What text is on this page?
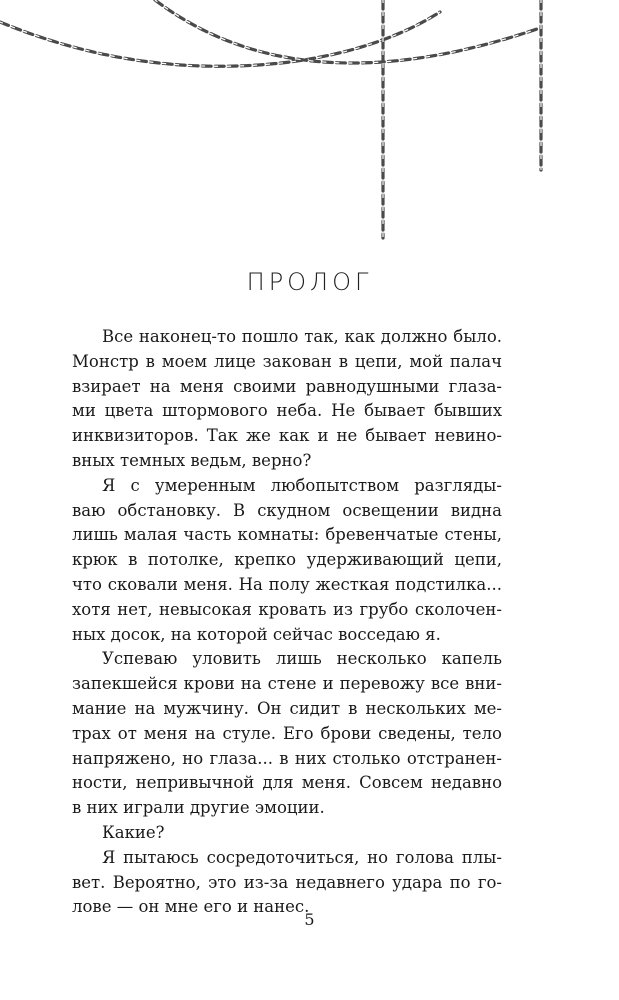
ПРОЛОГ
Все наконец-то пошло так, как должно было.
Монстр в моем лице закован в цепи, мой палач
взирает на меня своими равнодушными глаза-
ми цвета штормового неба. Не бывает бывших
инквизиторов. Так же как и не бывает невино-
вных темных ведьм, верно?
Я с умеренным любопытством разгляды-
ваю обстановку. В скудном освещении видна
лишь малая часть комнаты: бревенчатые стены,
крюк в потолке, крепко удерживающий цепи,
что сковали меня. На полу жесткая подстилка...
хотя нет, невысокая кровать из грубо сколочен-
ных досок, на которой сейчас восседаю я.
Успеваю уловить лишь несколько капель
запекшейся крови на стене и перевожу все вни-
мание на мужчину. Он сидит в нескольких ме-
трах от меня на стуле. Его брови сведены, тело
напряжено, но глаза... в них столько отстранен-
ности, непривычной для меня. Совсем недавно
в них играли другие эмоции.
Какие?
Я пытаюсь сосредоточиться, но голова плы-
вет. Вероятно, это из-за недавнего удара по го-
лове — он мне его и нанес.
5
